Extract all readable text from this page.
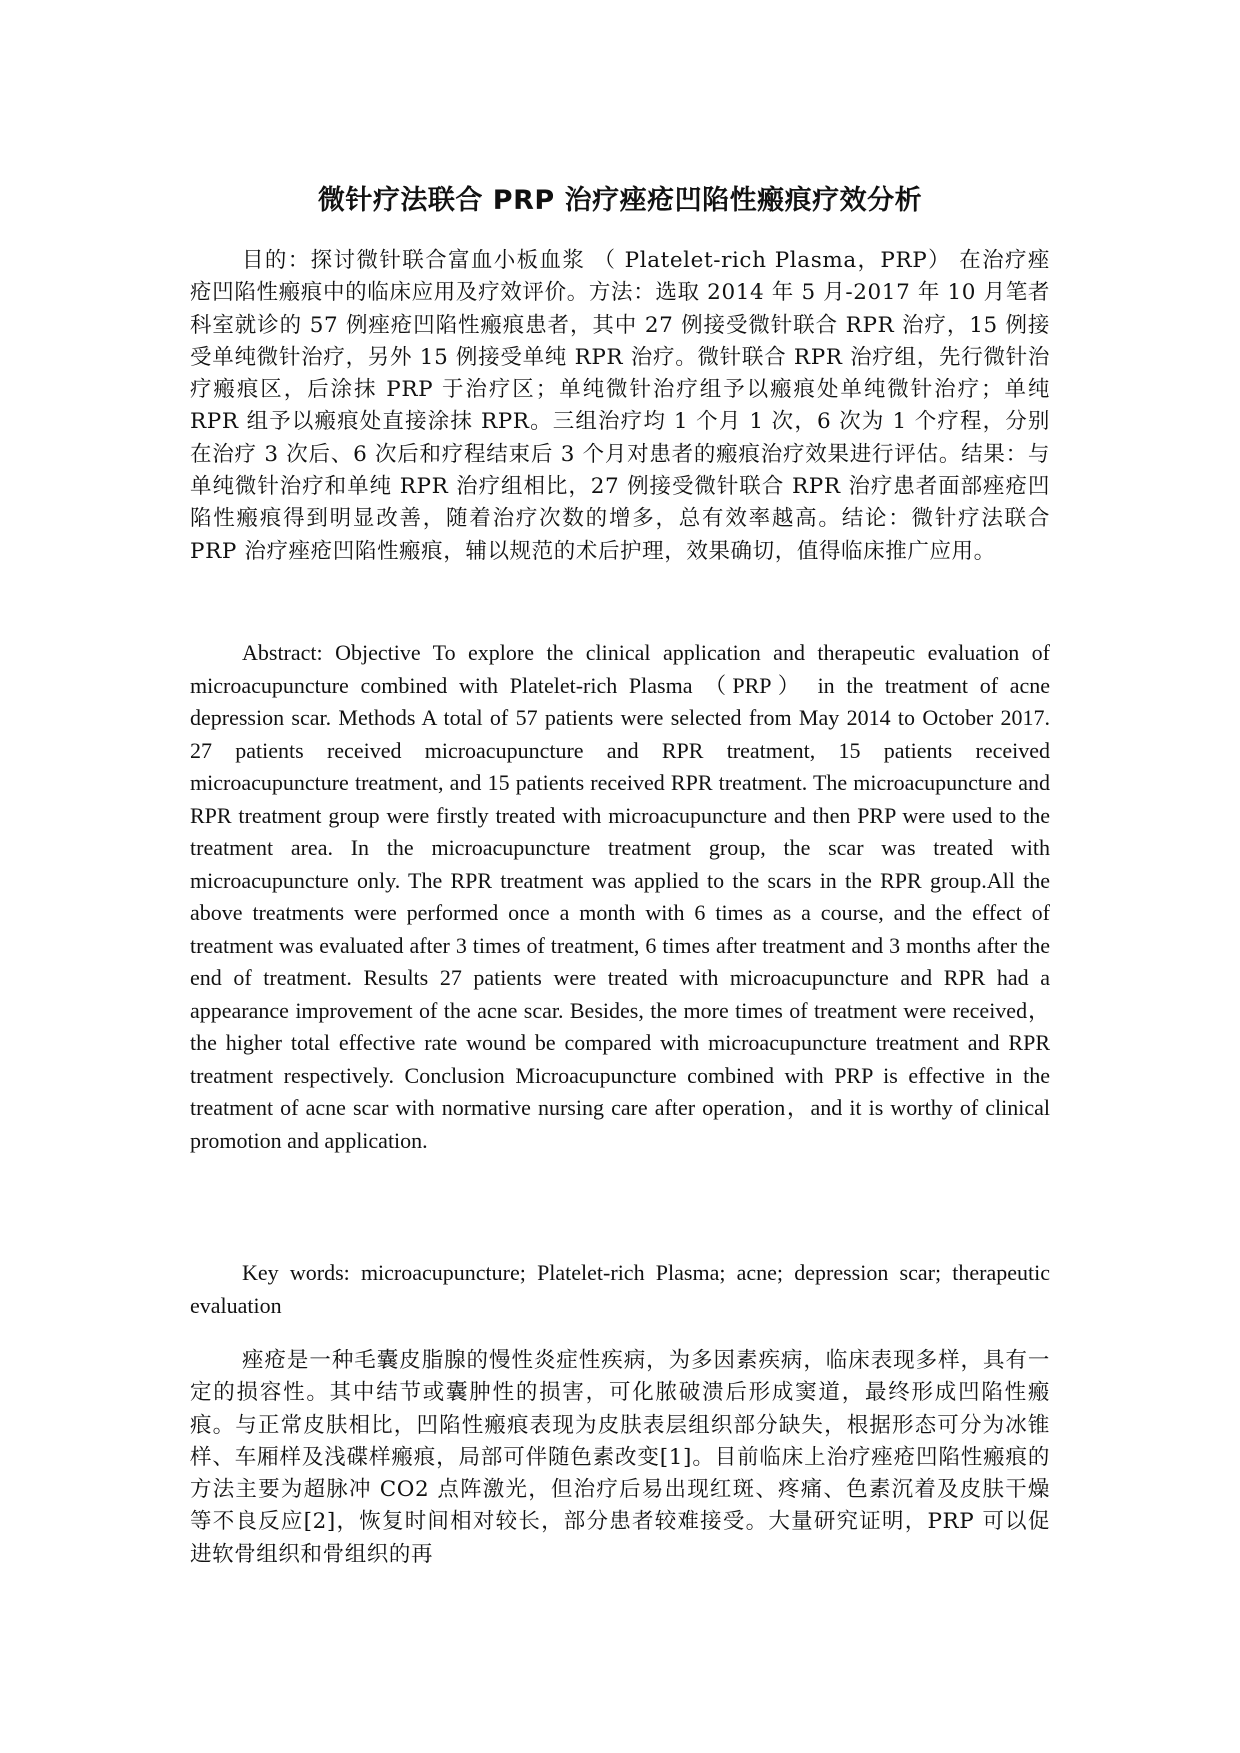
微针疗法联合 PRP 治疗痤疮凹陷性瘢痕疗效分析

目的：探讨微针联合富血小板血浆 （ Platelet-rich Plasma，PRP） 在治疗痤疮凹陷性瘢痕中的临床应用及疗效评价。方法：选取 2014 年 5 月-2017 年 10 月笔者科室就诊的 57 例痤疮凹陷性瘢痕患者，其中 27 例接受微针联合 RPR 治疗，15 例接受单纯微针治疗，另外 15 例接受单纯 RPR 治疗。微针联合 RPR 治疗组，先行微针治疗瘢痕区，后涂抹 PRP 于治疗区；单纯微针治疗组予以瘢痕处单纯微针治疗；单纯 RPR 组予以瘢痕处直接涂抹 RPR。三组治疗均 1 个月 1 次，6 次为 1 个疗程，分别在治疗 3 次后、6 次后和疗程结束后 3 个月对患者的瘢痕治疗效果进行评估。结果：与单纯微针治疗和单纯 RPR 治疗组相比，27 例接受微针联合 RPR 治疗患者面部痤疮凹陷性瘢痕得到明显改善，随着治疗次数的增多，总有效率越高。结论：微针疗法联合 PRP 治疗痤疮凹陷性瘢痕，辅以规范的术后护理，效果确切，值得临床推广应用。

Abstract: Objective To explore the clinical application and therapeutic evaluation of microacupuncture combined with Platelet-rich Plasma （PRP） in the treatment of acne depression scar. Methods A total of 57 patients were selected from May 2014 to October 2017. 27 patients received microacupuncture and RPR treatment, 15 patients received microacupuncture treatment, and 15 patients received RPR treatment. The microacupuncture and RPR treatment group were firstly treated with microacupuncture and then PRP were used to the treatment area. In the microacupuncture treatment group, the scar was treated with microacupuncture only. The RPR treatment was applied to the scars in the RPR group.All the above treatments were performed once a month with 6 times as a course, and the effect of treatment was evaluated after 3 times of treatment, 6 times after treatment and 3 months after the end of treatment. Results 27 patients were treated with microacupuncture and RPR had a appearance improvement of the acne scar. Besides, the more times of treatment were received，the higher total effective rate wound be compared with microacupuncture treatment and RPR treatment respectively. Conclusion Microacupuncture combined with PRP is effective in the treatment of acne scar with normative nursing care after operation，and it is worthy of clinical promotion and application.

Key words: microacupuncture; Platelet-rich Plasma; acne; depression scar; therapeutic evaluation

痤疮是一种毛囊皮脂腺的慢性炎症性疾病，为多因素疾病，临床表现多样，具有一定的损容性。其中结节或囊肿性的损害，可化脓破溃后形成窦道，最终形成凹陷性瘢痕。与正常皮肤相比，凹陷性瘢痕表现为皮肤表层组织部分缺失，根据形态可分为冰锥样、车厢样及浅碟样瘢痕，局部可伴随色素改变[1]。目前临床上治疗痤疮凹陷性瘢痕的方法主要为超脉冲 CO2 点阵激光，但治疗后易出现红斑、疼痛、色素沉着及皮肤干燥等不良反应[2]，恢复时间相对较长，部分患者较难接受。大量研究证明，PRP 可以促进软骨组织和骨组织的再
